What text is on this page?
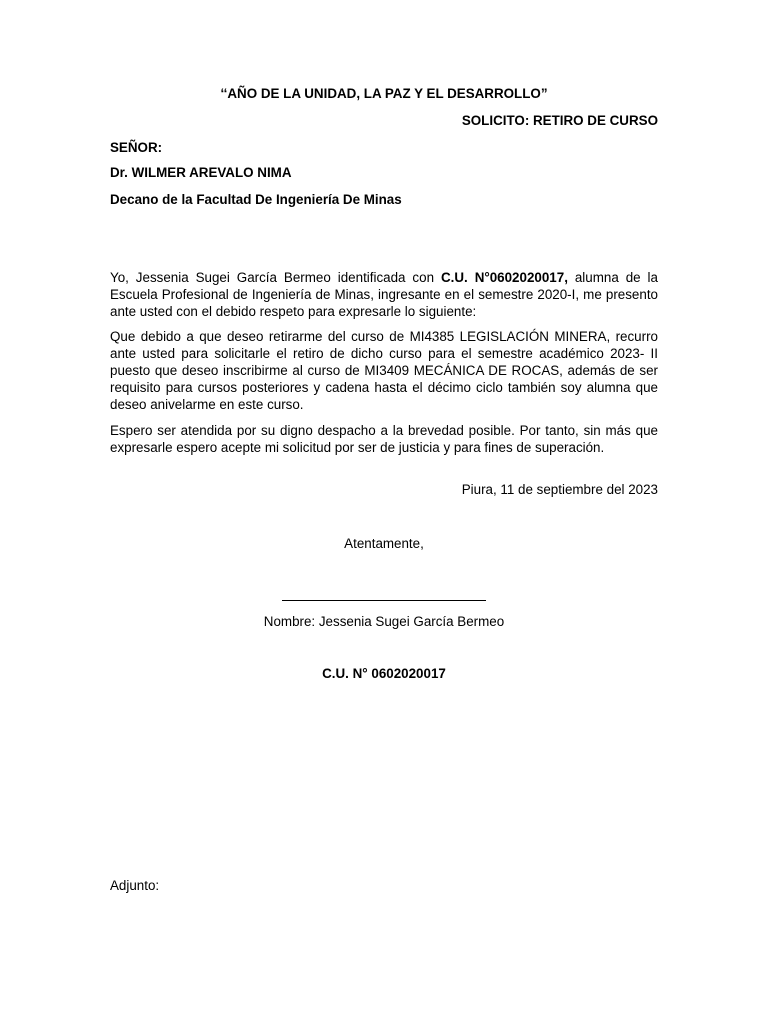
‘‘AÑO DE LA UNIDAD, LA PAZ Y EL DESARROLLO”
SOLICITO: RETIRO DE CURSO
SEÑOR:
Dr. WILMER AREVALO NIMA
Decano de la Facultad De Ingeniería De Minas
Yo, Jessenia Sugei García Bermeo identificada con C.U. N°0602020017, alumna de la Escuela Profesional de Ingeniería de Minas, ingresante en el semestre 2020-I, me presento ante usted con el debido respeto para expresarle lo siguiente:
Que debido a que deseo retirarme del curso de MI4385 LEGISLACIÓN MINERA, recurro ante usted para solicitarle el retiro de dicho curso para el semestre académico 2023- II puesto que deseo inscribirme al curso de MI3409 MECÁNICA DE ROCAS, además de ser requisito para cursos posteriores y cadena hasta el décimo ciclo también soy alumna que deseo anivelarme en este curso.
Espero ser atendida por su digno despacho a la brevedad posible. Por tanto, sin más que expresarle espero acepte mi solicitud por ser de justicia y para fines de superación.
Piura, 11 de septiembre del 2023
Atentamente,
Nombre: Jessenia Sugei García Bermeo
C.U. N° 0602020017
Adjunto:
